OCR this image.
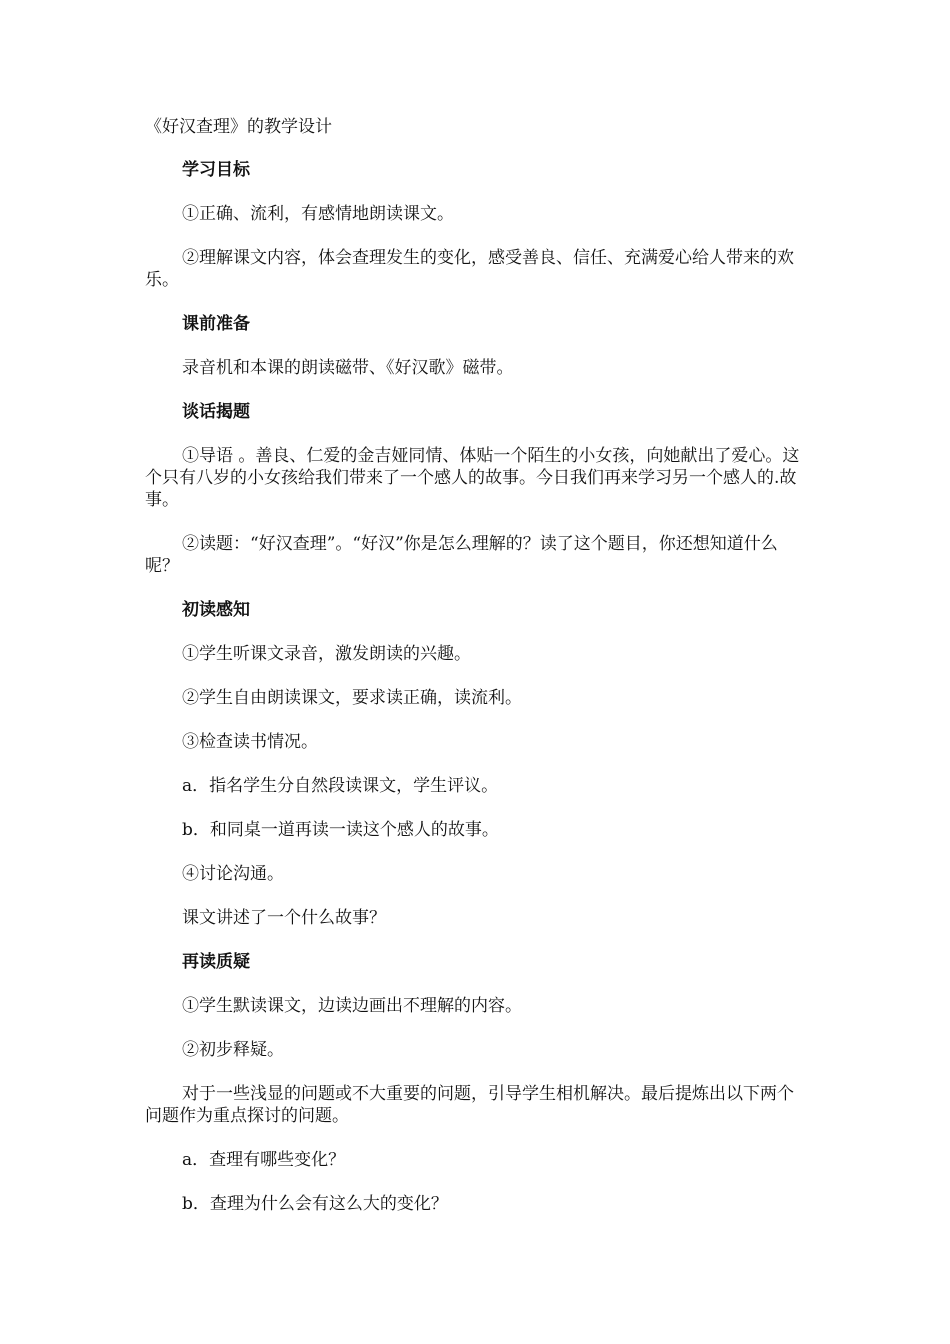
《好汉查理》的教学设计
学习目标
①正确、流利，有感情地朗读课文。
②理解课文内容，体会查理发生的变化，感受善良、信任、充满爱心给人带来的欢乐。
课前准备
录音机和本课的朗读磁带、《好汉歌》磁带。
谈话揭题
①导语 。善良、仁爱的金吉娅同情、体贴一个陌生的小女孩，向她献出了爱心。这个只有八岁的小女孩给我们带来了一个感人的故事。今日我们再来学习另一个感人的.故事。
②读题：“好汉查理”。“好汉”你是怎么理解的？读了这个题目，你还想知道什么呢？
初读感知
①学生听课文录音，激发朗读的兴趣。
②学生自由朗读课文，要求读正确，读流利。
③检查读书情况。
a．指名学生分自然段读课文，学生评议。
b．和同桌一道再读一读这个感人的故事。
④讨论沟通。
课文讲述了一个什么故事？
再读质疑
①学生默读课文，边读边画出不理解的内容。
②初步释疑。
对于一些浅显的问题或不大重要的问题，引导学生相机解决。最后提炼出以下两个问题作为重点探讨的问题。
a．查理有哪些变化？
b．查理为什么会有这么大的变化？
